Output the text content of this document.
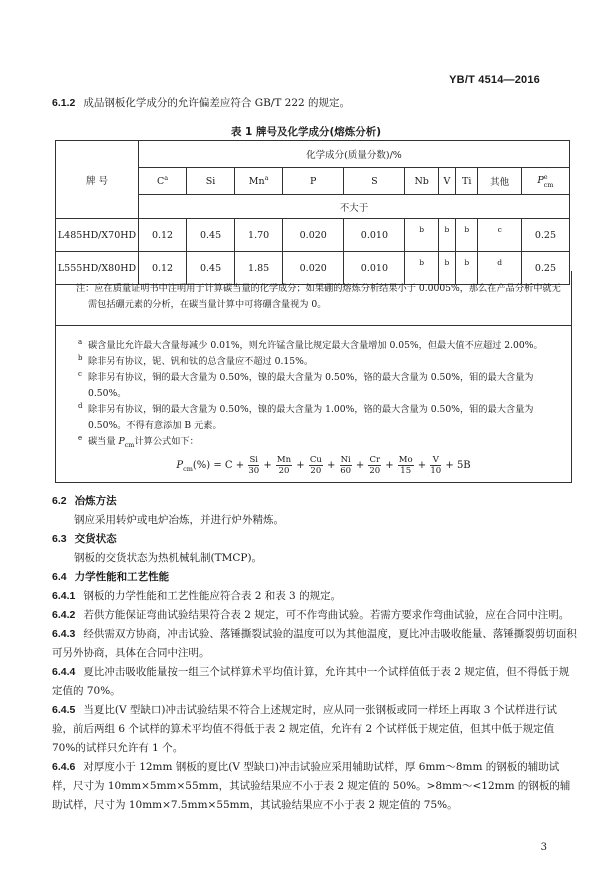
YB/T 4514—2016
6.1.2 成品钢板化学成分的允许偏差应符合 GB/T 222 的规定。
表 1 牌号及化学成分(熔炼分析)
牌 号	化学成分(质量分数)/%									
	$C^a$	Si	Mn$^a$	P	S	Nb	V	Ti	其他	$P^e_{cm}$
	不大于									
L485HD/X70HD	0.12	0.45	1.70	0.020	0.010	b	b	b	c	0.25
L555HD/X80HD	0.12	0.45	1.85	0.020	0.010	b	b	b	d	0.25
注：应在质量证明书中注明用于计算碳当量的化学成分；如果硼的熔炼分析结果小于 0.0005%，那么在产品分析中就无需包括硼元素的分析，在碳当量计算中可将硼含量视为 0。
a 碳含量比允许最大含量每减少 0.01%，则允许锰含量比规定最大含量增加 0.05%，但最大值不应超过 2.00%。
b 除非另有协议，铌、钒和钛的总含量应不超过 0.15%。
c 除非另有协议，铜的最大含量为 0.50%，镍的最大含量为 0.50%，铬的最大含量为 0.50%，钼的最大含量为 0.50%。
d 除非另有协议，铜的最大含量为 0.50%，镍的最大含量为 1.00%，铬的最大含量为 0.50%，钼的最大含量为 0.50%。不得有意添加 B 元素。
e 碳当量 $P_{cm}$计算公式如下：
$P_{cm}(\%) = C + \frac{Si}{30} + \frac{Mn}{20} + \frac{Cu}{20} + \frac{Ni}{60} + \frac{Cr}{20} + \frac{Mo}{15} + \frac{V}{10} + 5B$
6.2 冶炼方法
钢应采用转炉或电炉冶炼，并进行炉外精炼。
6.3 交货状态
钢板的交货状态为热机械轧制(TMCP)。
6.4 力学性能和工艺性能
6.4.1 钢板的力学性能和工艺性能应符合表 2 和表 3 的规定。
6.4.2 若供方能保证弯曲试验结果符合表 2 规定，可不作弯曲试验。若需方要求作弯曲试验，应在合同中注明。
6.4.3 经供需双方协商，冲击试验、落锤撕裂试验的温度可以为其他温度，夏比冲击吸收能量、落锤撕裂剪切面积可另外协商，具体在合同中注明。
6.4.4 夏比冲击吸收能量按一组三个试样算术平均值计算，允许其中一个试样值低于表 2 规定值，但不得低于规定值的 70%。
6.4.5 当夏比(V 型缺口)冲击试验结果不符合上述规定时，应从同一张钢板或同一样坯上再取 3 个试样进行试验，前后两组 6 个试样的算术平均值不得低于表 2 规定值，允许有 2 个试样低于规定值，但其中低于规定值 70%的试样只允许有 1 个。
6.4.6 对厚度小于 12mm 钢板的夏比(V 型缺口)冲击试验应采用辅助试样，厚 6mm～8mm 的钢板的辅助试样，尺寸为 10mm×5mm×55mm，其试验结果应不小于表 2 规定值的 50%。>8mm～<12mm 的钢板的辅助试样，尺寸为 10mm×7.5mm×55mm，其试验结果应不小于表 2 规定值的 75%。
3
